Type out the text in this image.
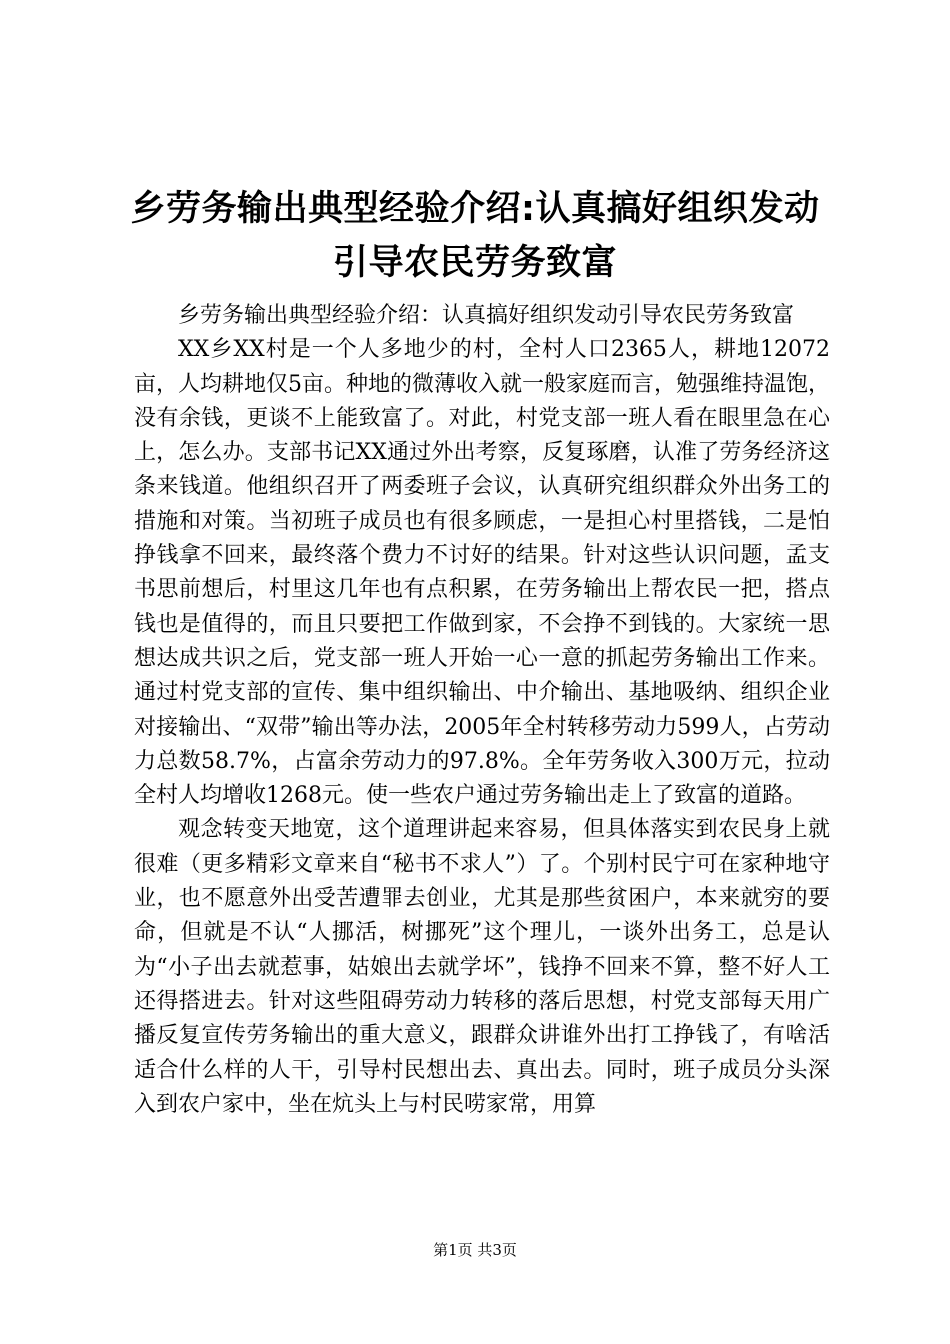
乡劳务输出典型经验介绍:认真搞好组织发动
引导农民劳务致富

乡劳务输出典型经验介绍：认真搞好组织发动引导农民劳务致富

XX乡XX村是一个人多地少的村，全村人口2365人，耕地12072亩，人均耕地仅5亩。种地的微薄收入就一般家庭而言，勉强维持温饱，没有余钱，更谈不上能致富了。对此，村党支部一班人看在眼里急在心上，怎么办。支部书记XX通过外出考察，反复琢磨，认准了劳务经济这条来钱道。他组织召开了两委班子会议，认真研究组织群众外出务工的措施和对策。当初班子成员也有很多顾虑，一是担心村里搭钱，二是怕挣钱拿不回来，最终落个费力不讨好的结果。针对这些认识问题，孟支书思前想后，村里这几年也有点积累，在劳务输出上帮农民一把，搭点钱也是值得的，而且只要把工作做到家，不会挣不到钱的。大家统一思想达成共识之后，党支部一班人开始一心一意的抓起劳务输出工作来。通过村党支部的宣传、集中组织输出、中介输出、基地吸纳、组织企业对接输出、“双带”输出等办法，2005年全村转移劳动力599人，占劳动力总数58.7%，占富余劳动力的97.8%。全年劳务收入300万元，拉动全村人均增收1268元。使一些农户通过劳务输出走上了致富的道路。

观念转变天地宽，这个道理讲起来容易，但具体落实到农民身上就很难（更多精彩文章来自“秘书不求人”）了。个别村民宁可在家种地守业，也不愿意外出受苦遭罪去创业，尤其是那些贫困户，本来就穷的要命，但就是不认“人挪活，树挪死”这个理儿，一谈外出务工，总是认为“小子出去就惹事，姑娘出去就学坏”，钱挣不回来不算，整不好人工还得搭进去。针对这些阻碍劳动力转移的落后思想，村党支部每天用广播反复宣传劳务输出的重大意义，跟群众讲谁外出打工挣钱了，有啥活适合什么样的人干，引导村民想出去、真出去。同时，班子成员分头深入到农户家中，坐在炕头上与村民唠家常，用算

第1页 共3页
